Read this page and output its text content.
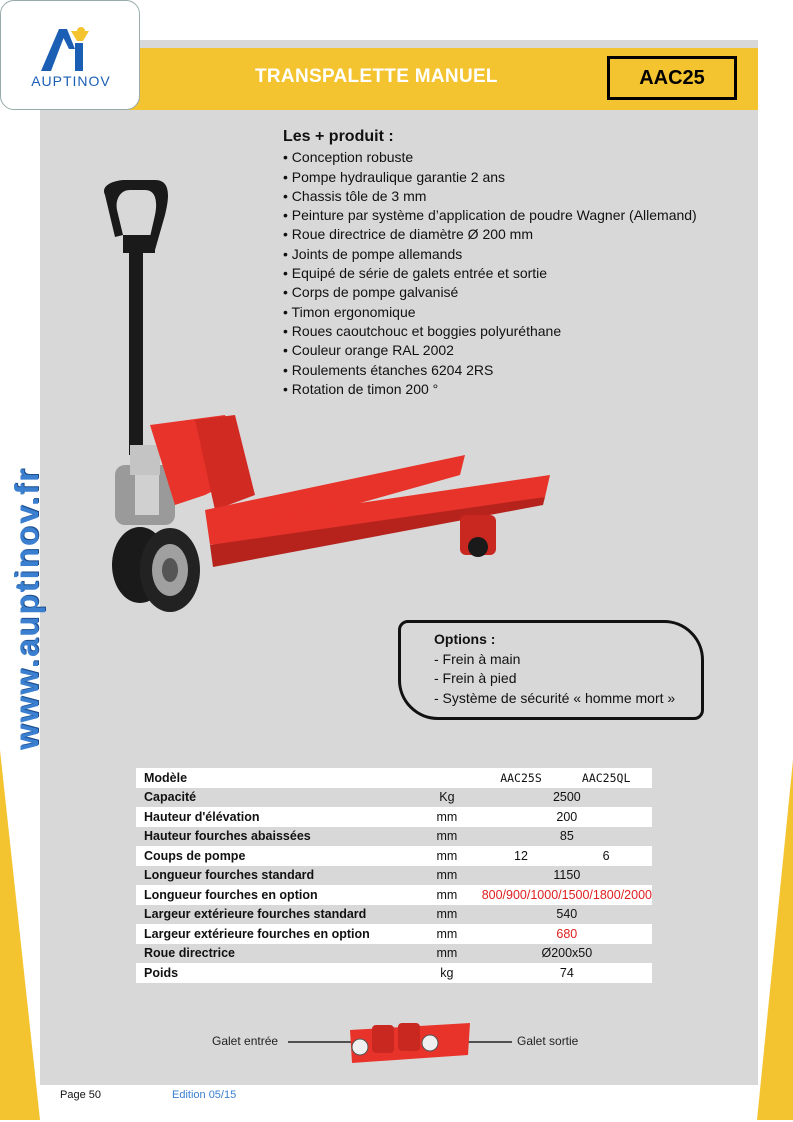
TRANSPALETTE MANUEL	AAC25
AUPTINOV
www.auptinov.fr
Les + produit :
• Conception robuste
• Pompe hydraulique garantie 2 ans
• Chassis tôle de 3 mm
• Peinture par système d’application de poudre Wagner (Allemand)
• Roue directrice de diamètre Ø 200 mm
• Joints de pompe allemands
• Equipé de série de galets entrée et sortie
• Corps de pompe galvanisé
• Timon ergonomique
• Roues caoutchouc et boggies polyuréthane
• Couleur orange RAL 2002
• Roulements étanches 6204 2RS
• Rotation de timon 200 °
Options :
- Frein à main
- Frein à pied
- Système de sécurité « homme mort »
Modèle		AAC25S	AAC25QL
Capacité	Kg	2500	
Hauteur d'élévation	mm	200	
Hauteur fourches abaissées	mm	85	
Coups de pompe	mm	12	6
Longueur fourches standard	mm	1150	
Longueur fourches en option	mm	800/900/1000/1500/1800/2000	
Largeur extérieure fourches standard	mm	540	
Largeur extérieure fourches en option	mm	680	
Roue directrice	mm	Ø200x50	
Poids	kg	74	
Galet entrée	Galet sortie
Page 50	Edition 05/15
